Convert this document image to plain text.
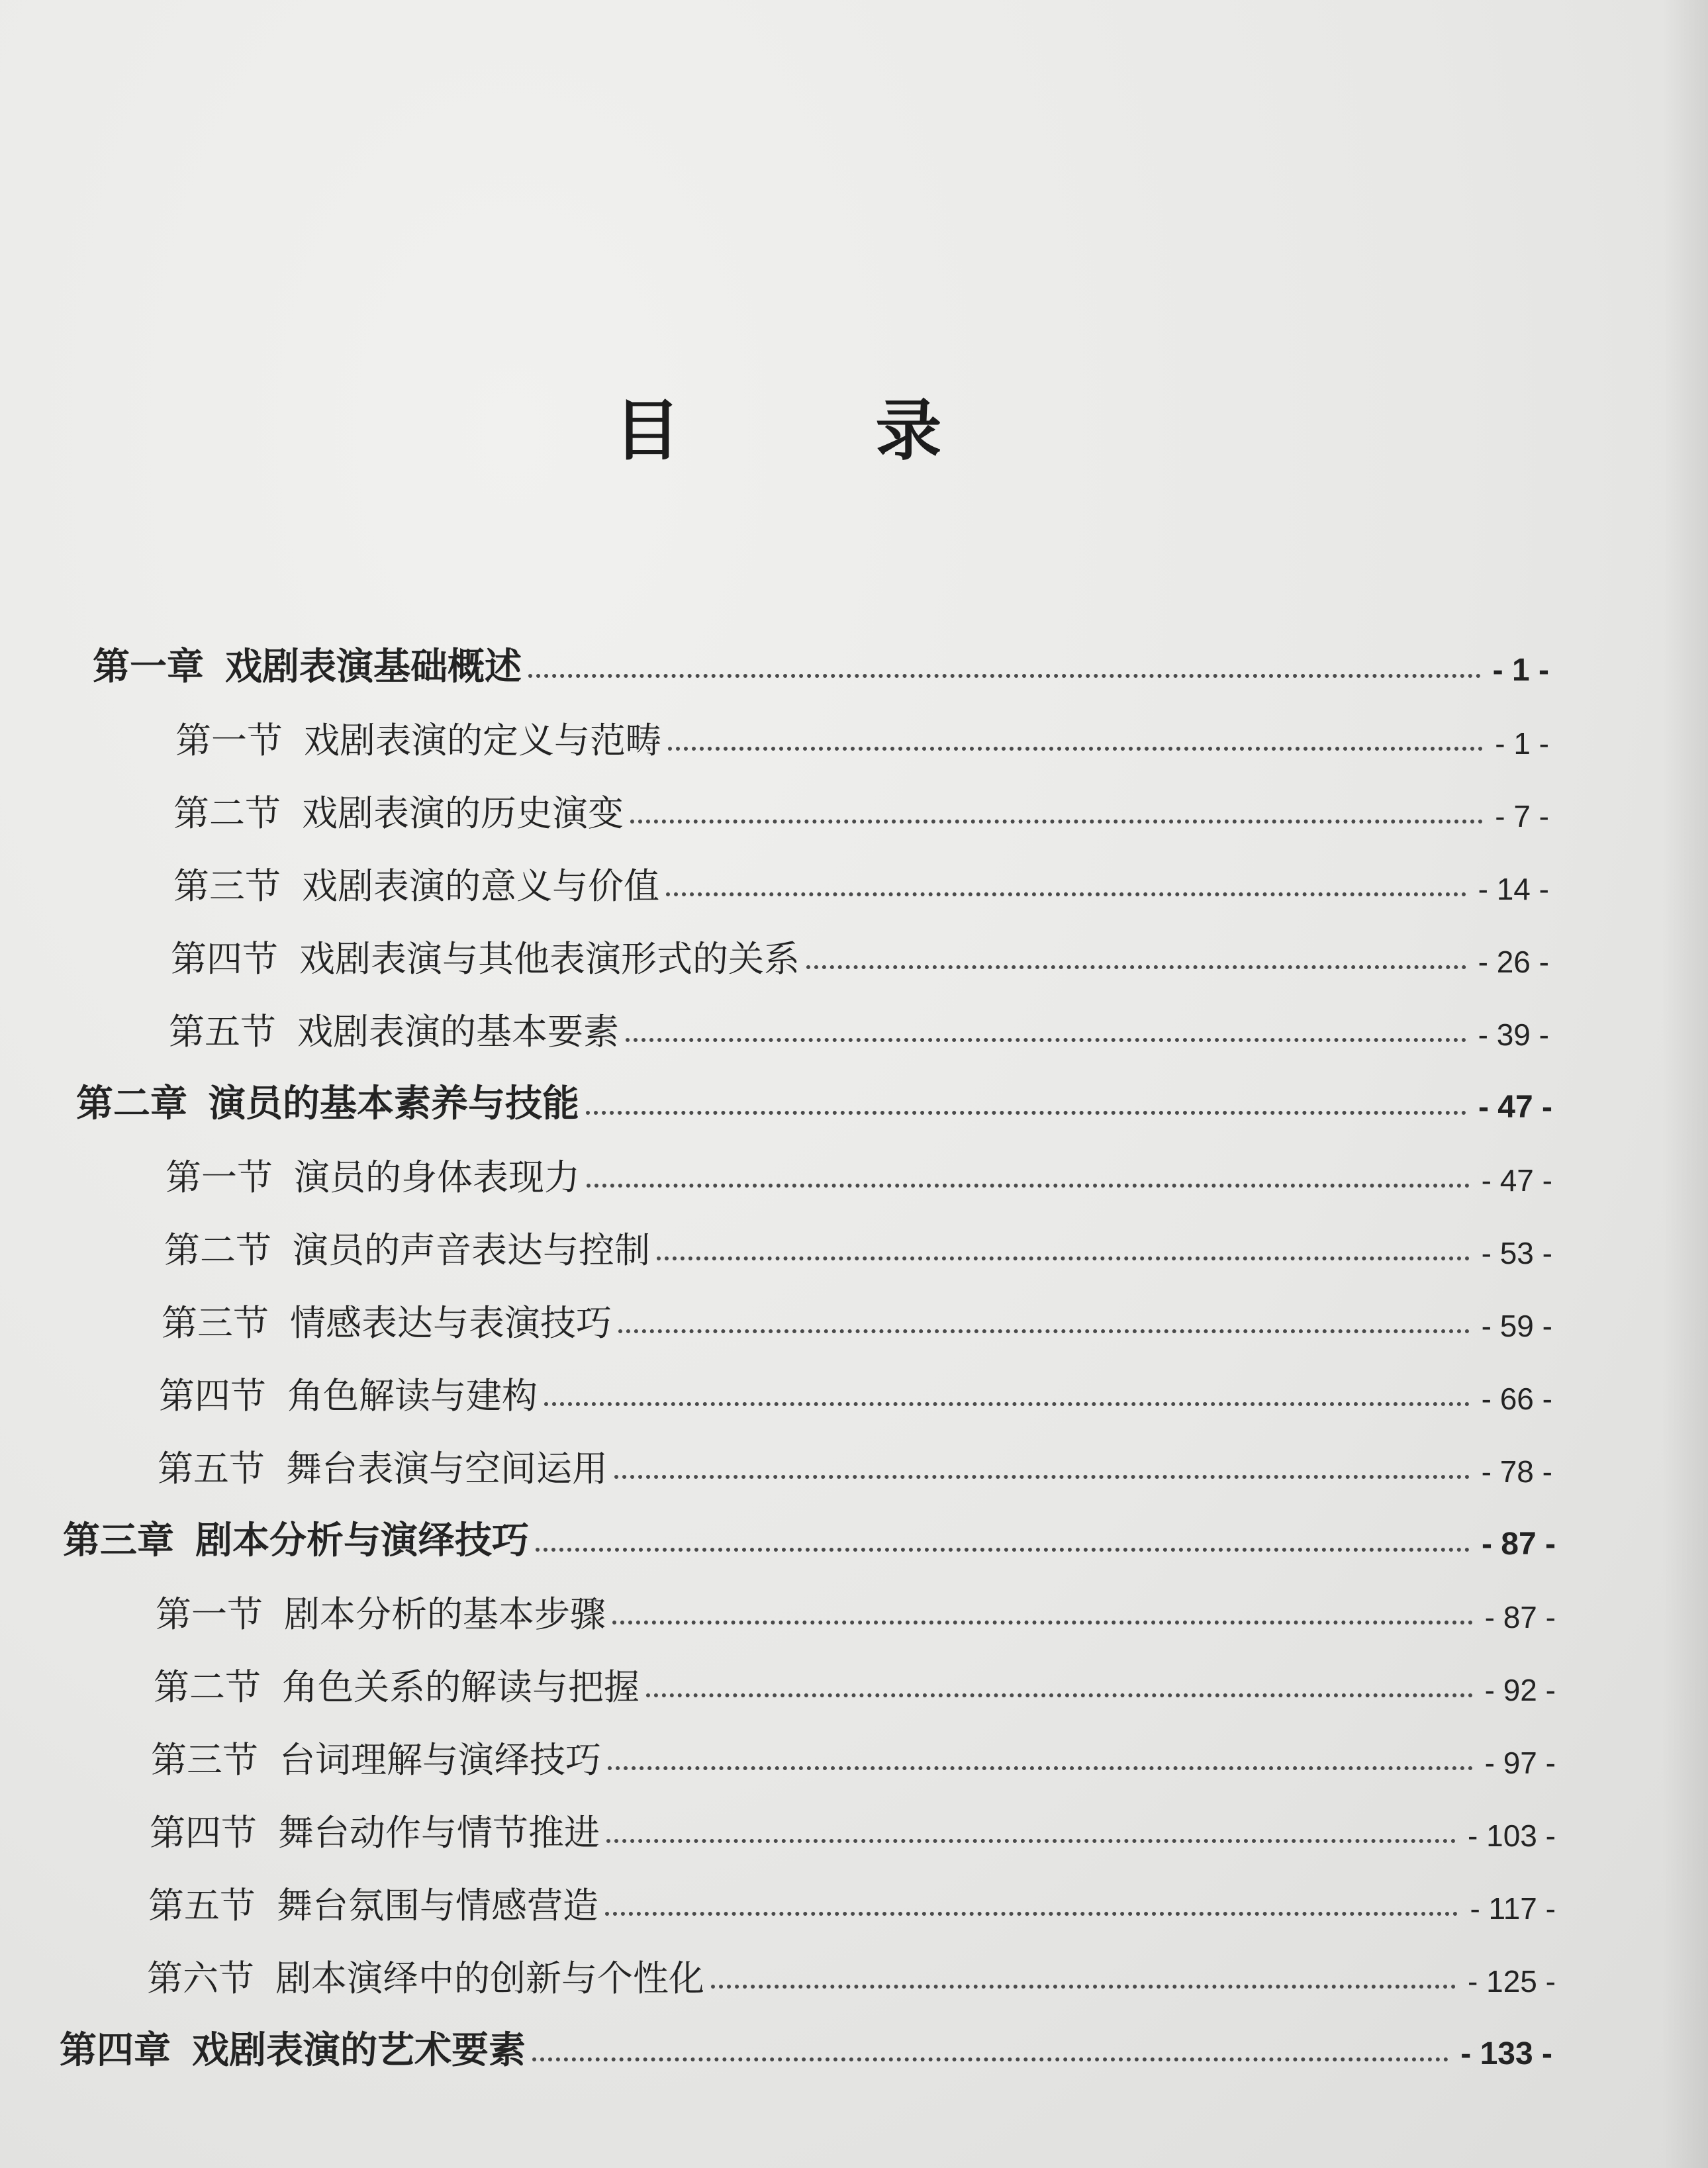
目 录
第一章 戏剧表演基础概述	- 1 -
第一节 戏剧表演的定义与范畴	- 1 -
第二节 戏剧表演的历史演变	- 7 -
第三节 戏剧表演的意义与价值	- 14 -
第四节 戏剧表演与其他表演形式的关系	- 26 -
第五节 戏剧表演的基本要素	- 39 -
第二章 演员的基本素养与技能	- 47 -
第一节 演员的身体表现力	- 47 -
第二节 演员的声音表达与控制	- 53 -
第三节 情感表达与表演技巧	- 59 -
第四节 角色解读与建构	- 66 -
第五节 舞台表演与空间运用	- 78 -
第三章 剧本分析与演绎技巧	- 87 -
第一节 剧本分析的基本步骤	- 87 -
第二节 角色关系的解读与把握	- 92 -
第三节 台词理解与演绎技巧	- 97 -
第四节 舞台动作与情节推进	- 103 -
第五节 舞台氛围与情感营造	- 117 -
第六节 剧本演绎中的创新与个性化	- 125 -
第四章 戏剧表演的艺术要素	- 133 -
